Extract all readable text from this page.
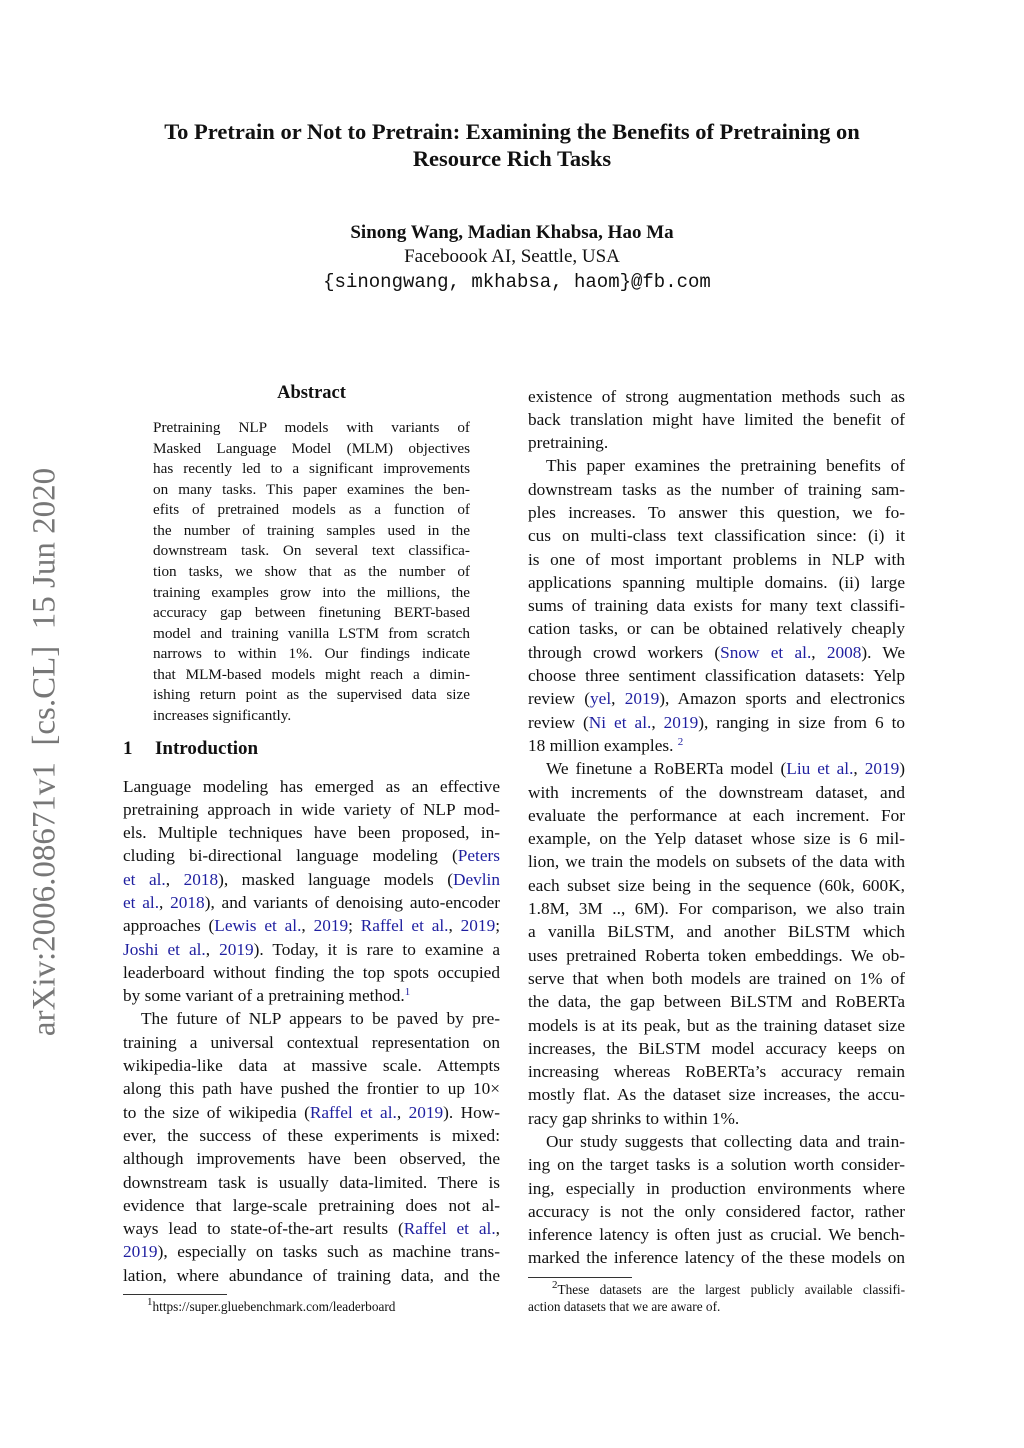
arXiv:2006.08671v1  [cs.CL]  15 Jun 2020
To Pretrain or Not to Pretrain: Examining the Benefits of Pretraining on
Resource Rich Tasks
Sinong Wang, Madian Khabsa, Hao Ma
Faceboook AI, Seattle, USA
{sinongwang, mkhabsa, haom}@fb.com
Abstract
Pretraining NLP models with variants of
Masked Language Model (MLM) objectives
has recently led to a significant improvements
on many tasks. This paper examines the ben-
efits of pretrained models as a function of
the number of training samples used in the
downstream task. On several text classifica-
tion tasks, we show that as the number of
training examples grow into the millions, the
accuracy gap between finetuning BERT-based
model and training vanilla LSTM from scratch
narrows to within 1%. Our findings indicate
that MLM-based models might reach a dimin-
ishing return point as the supervised data size
increases significantly.
1 Introduction
Language modeling has emerged as an effective
pretraining approach in wide variety of NLP mod-
els. Multiple techniques have been proposed, in-
cluding bi-directional language modeling (Peters
et al., 2018), masked language models (Devlin
et al., 2018), and variants of denoising auto-encoder
approaches (Lewis et al., 2019; Raffel et al., 2019;
Joshi et al., 2019). Today, it is rare to examine a
leaderboard without finding the top spots occupied
by some variant of a pretraining method.$^1$
The future of NLP appears to be paved by pre-
training a universal contextual representation on
wikipedia-like data at massive scale. Attempts
along this path have pushed the frontier to up 10×
to the size of wikipedia (Raffel et al., 2019). How-
ever, the success of these experiments is mixed:
although improvements have been observed, the
downstream task is usually data-limited. There is
evidence that large-scale pretraining does not al-
ways lead to state-of-the-art results (Raffel et al.,
2019), especially on tasks such as machine trans-
lation, where abundance of training data, and the
existence of strong augmentation methods such as
back translation might have limited the benefit of
pretraining.
This paper examines the pretraining benefits of
downstream tasks as the number of training sam-
ples increases. To answer this question, we fo-
cus on multi-class text classification since: (i) it
is one of most important problems in NLP with
applications spanning multiple domains. (ii) large
sums of training data exists for many text classifi-
cation tasks, or can be obtained relatively cheaply
through crowd workers (Snow et al., 2008). We
choose three sentiment classification datasets: Yelp
review (yel, 2019), Amazon sports and electronics
review (Ni et al., 2019), ranging in size from 6 to
18 million examples. $^2$
We finetune a RoBERTa model (Liu et al., 2019)
with increments of the downstream dataset, and
evaluate the performance at each increment. For
example, on the Yelp dataset whose size is 6 mil-
lion, we train the models on subsets of the data with
each subset size being in the sequence (60k, 600K,
1.8M, 3M .., 6M). For comparison, we also train
a vanilla BiLSTM, and another BiLSTM which
uses pretrained Roberta token embeddings. We ob-
serve that when both models are trained on 1% of
the data, the gap between BiLSTM and RoBERTa
models is at its peak, but as the training dataset size
increases, the BiLSTM model accuracy keeps on
increasing whereas RoBERTa’s accuracy remain
mostly flat. As the dataset size increases, the accu-
racy gap shrinks to within 1%.
Our study suggests that collecting data and train-
ing on the target tasks is a solution worth consider-
ing, especially in production environments where
accuracy is not the only considered factor, rather
inference latency is often just as crucial. We bench-
marked the inference latency of the these models on
$^1$https://super.gluebenchmark.com/leaderboard
$^2$These datasets are the largest publicly available classifi-
action datasets that we are aware of.
